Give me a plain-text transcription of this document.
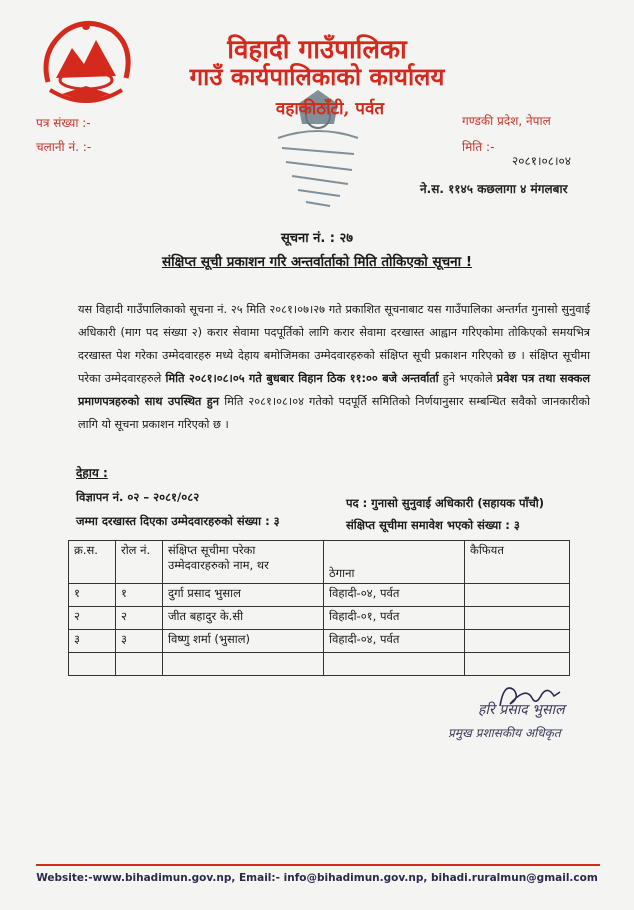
विहादी गाउँपालिका
गाउँ कार्यपालिकाको कार्यालय
वहाकीठाँटी, पर्वत
पत्र संख्या :-
चलानी नं. :-
गण्डकी प्रदेश, नेपाल
मिति :-
२०८१।०८।०४
ने.स. ११४५ कछलागा ४ मंगलबार
सूचना नं. : २७
संक्षिप्त सूची प्रकाशन गरि अन्तर्वार्ताको मिति तोकिएको सूचना !
यस विहादी गाउँपालिकाको सूचना नं. २५ मिति २०८१।०७।२७ गते प्रकाशित सूचनाबाट यस गाउँपालिका अन्तर्गत गुनासो सुनुवाई अधिकारी (माग पद संख्या २) करार सेवामा पदपूर्तिको लागि करार सेवामा दरखास्त आह्वान गरिएकोमा तोकिएको समयभित्र दरखास्त पेश गरेका उम्मेदवारहरु मध्ये देहाय बमोजिमका उम्मेदवारहरुको संक्षिप्त सूची प्रकाशन गरिएको छ । संक्षिप्त सूचीमा परेका उम्मेदवारहरुले मिति २०८१।०८।०५ गते बुधबार विहान ठिक ११:०० बजे अन्तर्वार्ता हुने भएकोले प्रवेश पत्र तथा सक्कल प्रमाणपत्रहरुको साथ उपस्थित हुन मिति २०८१।०८।०४ गतेको पदपूर्ति समितिको निर्णयानुसार सम्बन्धित सवैको जानकारीको लागि यो सूचना प्रकाशन गरिएको छ ।
देहाय :
विज्ञापन नं. ०२ – २०८१/०८२	पद : गुनासो सुनुवाई अधिकारी (सहायक पाँचौ)
जम्मा दरखास्त दिएका उम्मेदवारहरुको संख्या : ३	संक्षिप्त सूचीमा समावेश भएको संख्या : ३
क्र.स.	रोल नं.	संक्षिप्त सूचीमा परेका उम्मेदवारहरुको नाम, थर	ठेगाना	कैफियत
१	१	दुर्गा प्रसाद भुसाल	विहादी-०४, पर्वत	
२	२	जीत बहादुर के.सी	विहादी-०१, पर्वत	
३	३	विष्णु शर्मा (भुसाल)	विहादी-०४, पर्वत	

हरि प्रसाद भुसाल
प्रमुख प्रशासकीय अधिकृत
Website:-www.bihadimun.gov.np, Email:- info@bihadimun.gov.np, bihadi.ruralmun@gmail.com
